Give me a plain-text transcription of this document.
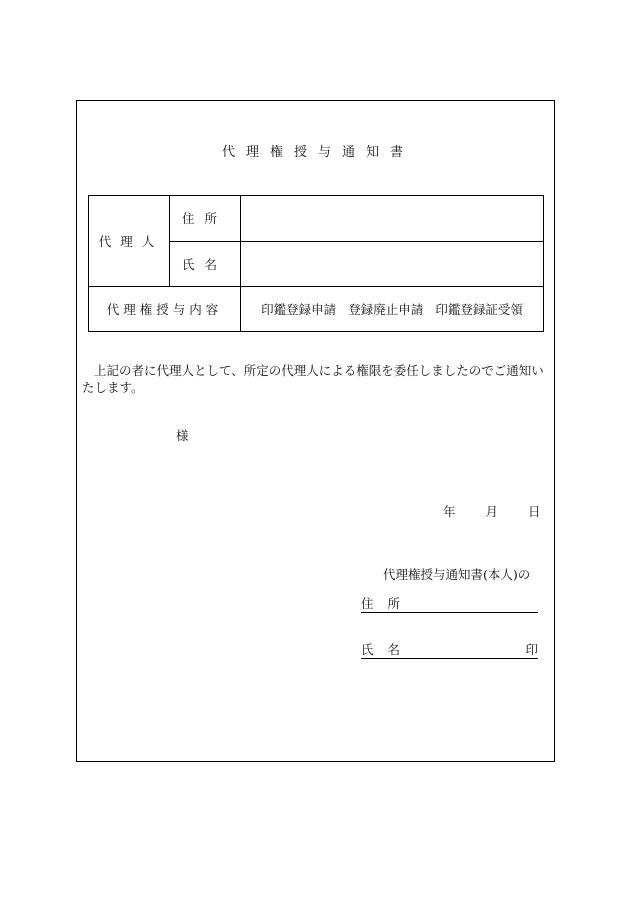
代理権授与通知書
代理人	住所	
	氏名	
代理権授与内容		印鑑登録申請 登録廃止申請 印鑑登録証受領
上記の者に代理人として、所定の代理人による権限を委任しましたのでご通知いたします。
様
年 月 日
代理権授与通知書(本人)の
住所
氏名	印
